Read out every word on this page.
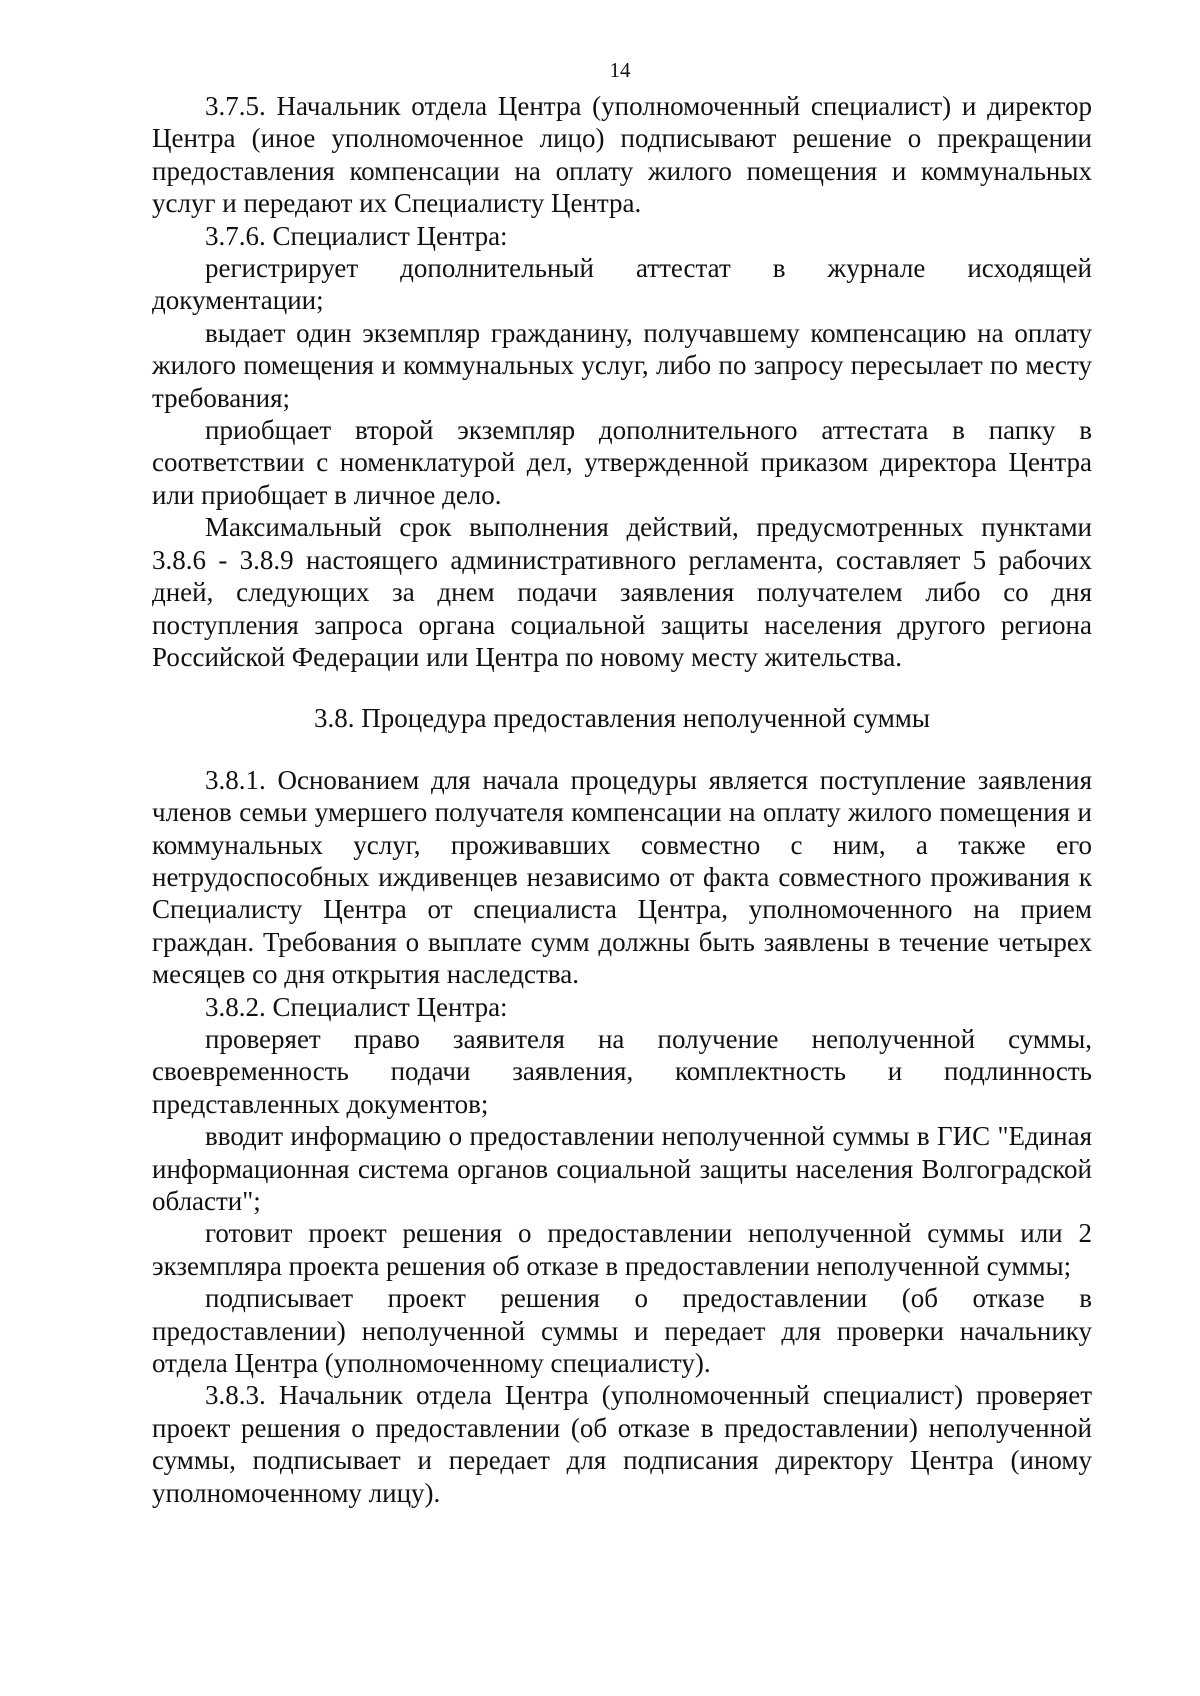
14

3.7.5. Начальник отдела Центра (уполномоченный специалист) и директор Центра (иное уполномоченное лицо) подписывают решение о прекращении предоставления компенсации на оплату жилого помещения и коммунальных услуг и передают их Специалисту Центра.

3.7.6. Специалист Центра:

регистрирует дополнительный аттестат в журнале исходящей документации;

выдает один экземпляр гражданину, получавшему компенсацию на оплату жилого помещения и коммунальных услуг, либо по запросу пересылает по месту требования;

приобщает второй экземпляр дополнительного аттестата в папку в соответствии с номенклатурой дел, утвержденной приказом директора Центра или приобщает в личное дело.

Максимальный срок выполнения действий, предусмотренных пунктами 3.8.6 - 3.8.9 настоящего административного регламента, составляет 5 рабочих дней, следующих за днем подачи заявления получателем либо со дня поступления запроса органа социальной защиты населения другого региона Российской Федерации или Центра по новому месту жительства.

3.8. Процедура предоставления неполученной суммы

3.8.1. Основанием для начала процедуры является поступление заявления членов семьи умершего получателя компенсации на оплату жилого помещения и коммунальных услуг, проживавших совместно с ним, а также его нетрудоспособных иждивенцев независимо от факта совместного проживания к Специалисту Центра от специалиста Центра, уполномоченного на прием граждан. Требования о выплате сумм должны быть заявлены в течение четырех месяцев со дня открытия наследства.

3.8.2. Специалист Центра:

проверяет право заявителя на получение неполученной суммы, своевременность подачи заявления, комплектность и подлинность представленных документов;

вводит информацию о предоставлении неполученной суммы в ГИС "Единая информационная система органов социальной защиты населения Волгоградской области";

готовит проект решения о предоставлении неполученной суммы или 2 экземпляра проекта решения об отказе в предоставлении неполученной суммы;

подписывает проект решения о предоставлении (об отказе в предоставлении) неполученной суммы и передает для проверки начальнику отдела Центра (уполномоченному специалисту).

3.8.3. Начальник отдела Центра (уполномоченный специалист) проверяет проект решения о предоставлении (об отказе в предоставлении) неполученной суммы, подписывает и передает для подписания директору Центра (иному уполномоченному лицу).
